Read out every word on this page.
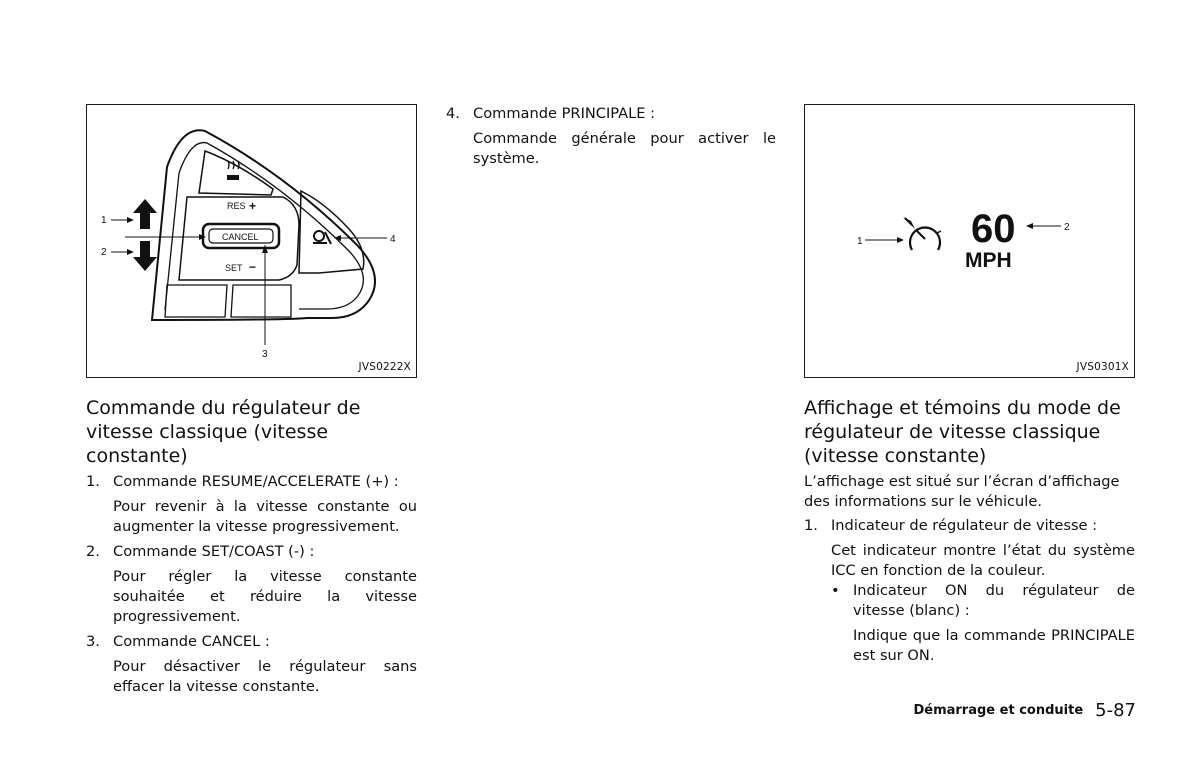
RES +
CANCEL
SET −
1
2
3
4
JVS0222X
4. Commande PRINCIPALE :
Commande générale pour activer le système.
1	60
MPH
2
JVS0301X
Commande du régulateur de vitesse classique (vitesse constante)
1. Commande RESUME/ACCELERATE (+) :
Pour revenir à la vitesse constante ou augmenter la vitesse progressivement.
2. Commande SET/COAST (-) :
Pour régler la vitesse constante souhaitée et réduire la vitesse progressivement.
3. Commande CANCEL :
Pour désactiver le régulateur sans effacer la vitesse constante.
Affichage et témoins du mode de régulateur de vitesse classique (vitesse constante)
L’affichage est situé sur l’écran d’affichage des informations sur le véhicule.
1. Indicateur de régulateur de vitesse :
Cet indicateur montre l’état du système ICC en fonction de la couleur.
• Indicateur ON du régulateur de vitesse (blanc) :
Indique que la commande PRINCIPALE est sur ON.
Démarrage et conduite 5-87
